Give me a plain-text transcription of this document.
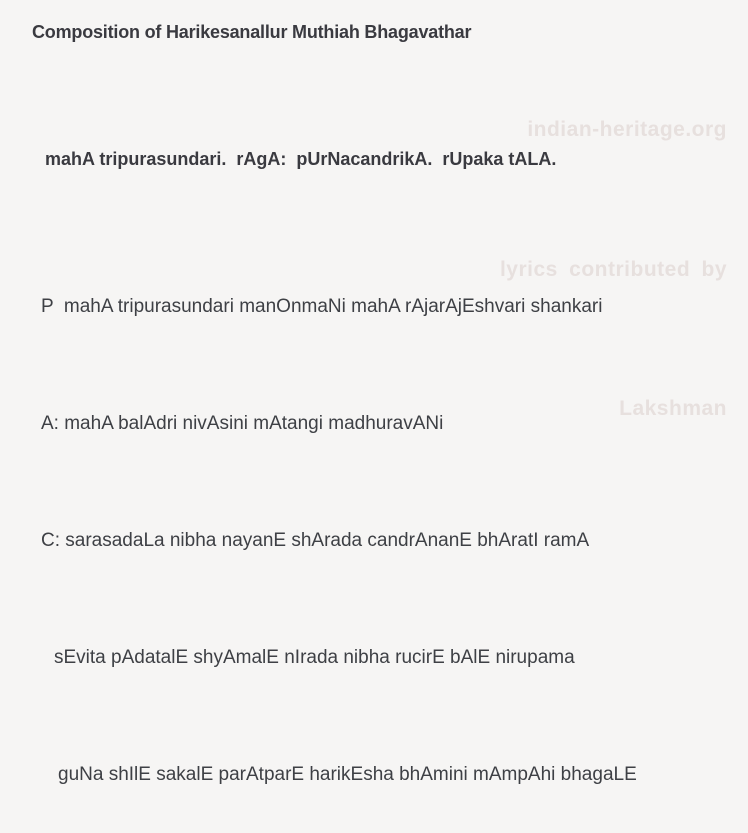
Composition of Harikesanallur Muthiah Bhagavathar

indian-heritage.org

lyrics contributed by

Lakshman

mahA tripurasundari.  rAgA:  pUrNacandrikA.  rUpaka tALA.

P  mahA tripurasundari manOnmaNi mahA rAjarAjEshvari shankari

A: mahA balAdri nivAsini mAtangi madhuravANi

C: sarasadaLa nibha nayanE shArada candrAnanE bhAratI ramA

sEvita pAdatalE shyAmalE nIrada nibha rucirE bAlE nirupama

guNa shIlE sakalE parAtparE harikEsha bhAmini mAmpAhi bhagaLE
